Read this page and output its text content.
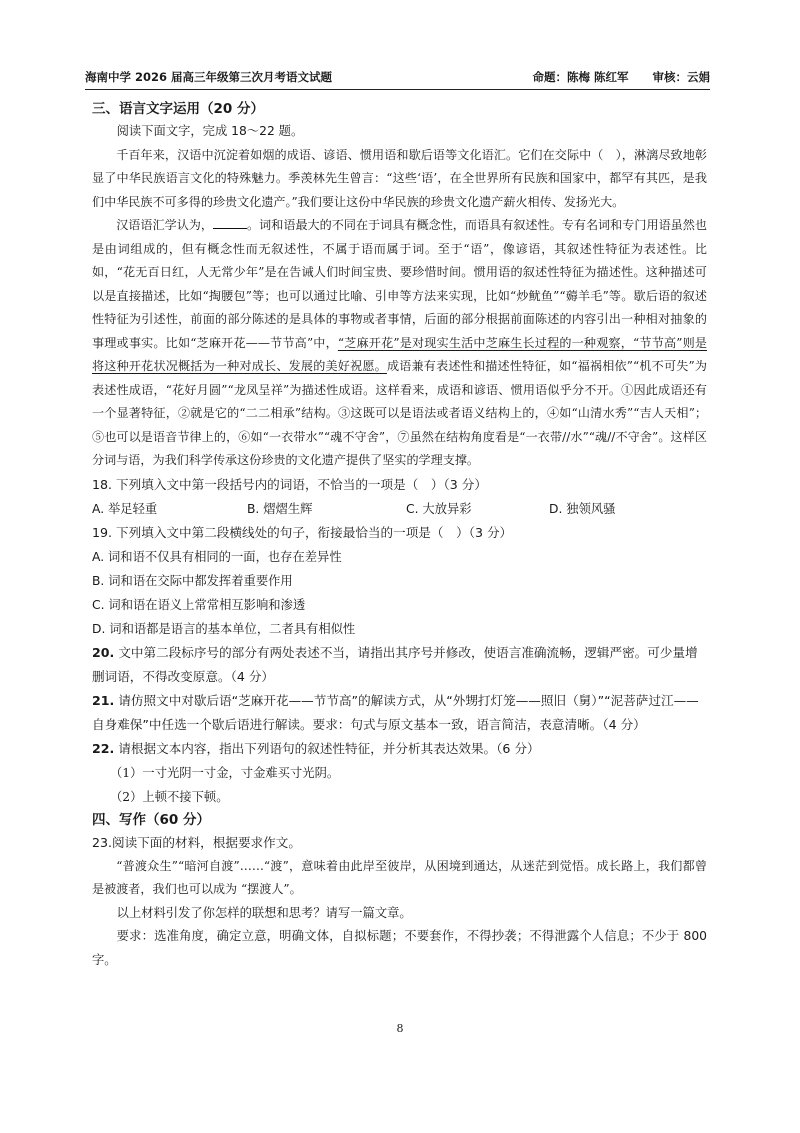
海南中学 2026 届高三年级第三次月考语文试题	命题：陈梅 陈红军 审核：云娟

三、语言文字运用（20 分）

阅读下面文字，完成 18～22 题。

千百年来，汉语中沉淀着如烟的成语、谚语、惯用语和歇后语等文化语汇。它们在交际中（　），淋漓尽致地彰显了中华民族语言文化的特殊魅力。季羡林先生曾言：“这些‘语’，在全世界所有民族和国家中，都罕有其匹，是我们中华民族不可多得的珍贵文化遗产。”我们要让这份中华民族的珍贵文化遗产薪火相传、发扬光大。

汉语语汇学认为，	。词和语最大的不同在于词具有概念性，而语具有叙述性。专有名词和专门用语虽然也是由词组成的，但有概念性而无叙述性，不属于语而属于词。至于“语”，像谚语，其叙述性特征为表述性。比如，“花无百日红，人无常少年”是在告诫人们时间宝贵、要珍惜时间。惯用语的叙述性特征为描述性。这种描述可以是直接描述，比如“掏腰包”等；也可以通过比喻、引申等方法来实现，比如“炒鱿鱼”“薅羊毛”等。歇后语的叙述性特征为引述性，前面的部分陈述的是具体的事物或者事情，后面的部分根据前面陈述的内容引出一种相对抽象的事理或事实。比如“芝麻开花——节节高”中，“芝麻开花”是对现实生活中芝麻生长过程的一种观察，“节节高”则是将这种开花状况概括为一种对成长、发展的美好祝愿。成语兼有表述性和描述性特征，如“福祸相依”“机不可失”为表述性成语，“花好月圆”“龙凤呈祥”为描述性成语。这样看来，成语和谚语、惯用语似乎分不开。①因此成语还有一个显著特征，②就是它的“二二相承”结构。③这既可以是语法或者语义结构上的，④如“山清水秀”“吉人天相”；⑤也可以是语音节律上的，⑥如“一衣带水”“魂不守舍”，⑦虽然在结构角度看是“一衣带//水”“魂//不守舍”。这样区分词与语，为我们科学传承这份珍贵的文化遗产提供了坚实的学理支撑。

18. 下列填入文中第一段括号内的词语，不恰当的一项是（　）（3 分）

A. 举足轻重	B. 熠熠生辉	C. 大放异彩	D. 独领风骚

19. 下列填入文中第二段横线处的句子，衔接最恰当的一项是（　）（3 分）

A. 词和语不仅具有相同的一面，也存在差异性

B. 词和语在交际中都发挥着重要作用

C. 词和语在语义上常常相互影响和渗透

D. 词和语都是语言的基本单位，二者具有相似性

20. 文中第二段标序号的部分有两处表述不当，请指出其序号并修改，使语言准确流畅，逻辑严密。可少量增删词语，不得改变原意。（4 分）

21. 请仿照文中对歇后语“芝麻开花——节节高”的解读方式，从“外甥打灯笼——照旧（舅）”“泥菩萨过江——自身难保”中任选一个歇后语进行解读。要求：句式与原文基本一致，语言简洁，表意清晰。（4 分）

22. 请根据文本内容，指出下列语句的叙述性特征，并分析其表达效果。（6 分）

（1）一寸光阴一寸金，寸金难买寸光阴。

（2）上顿不接下顿。

四、写作（60 分）

23.阅读下面的材料，根据要求作文。

“普渡众生”“暗河自渡”……“渡”，意味着由此岸至彼岸，从困境到通达，从迷茫到觉悟。成长路上，我们都曾是被渡者，我们也可以成为 “摆渡人”。

以上材料引发了你怎样的联想和思考？请写一篇文章。

要求：选准角度，确定立意，明确文体，自拟标题；不要套作，不得抄袭；不得泄露个人信息；不少于 800 字。

8
